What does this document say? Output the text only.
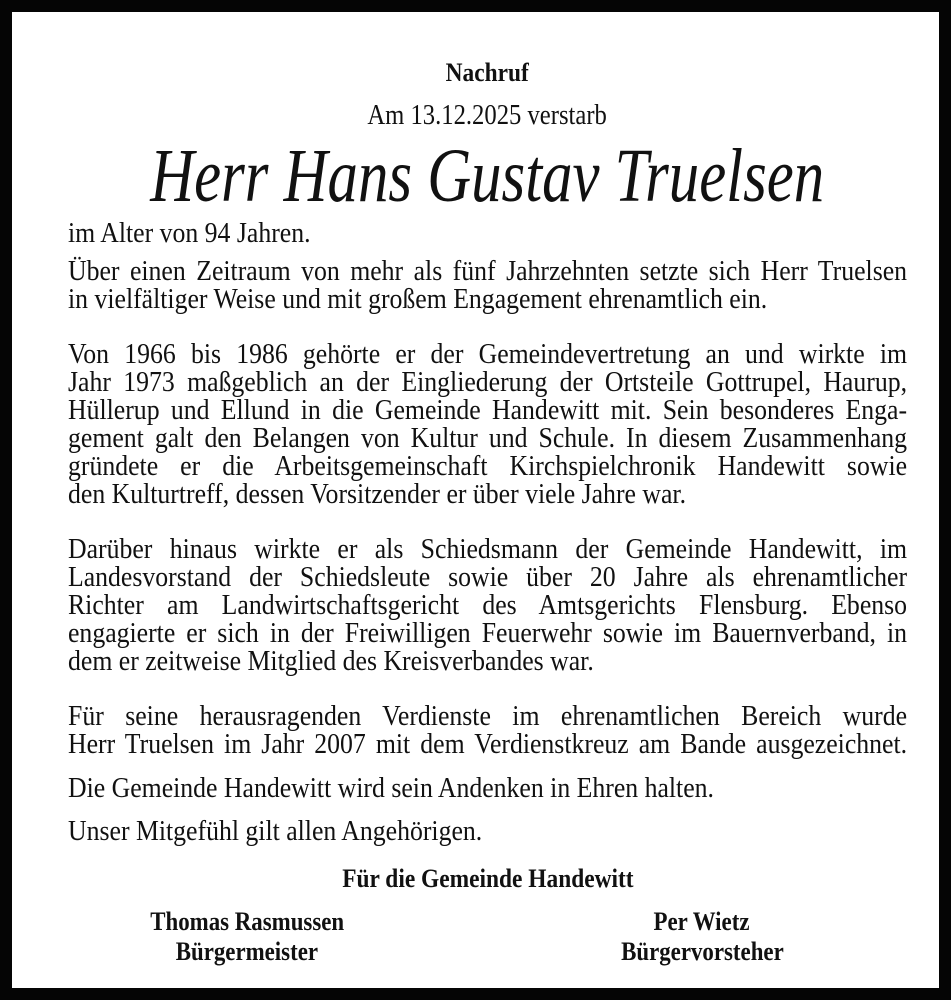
Nachruf
Am 13.12.2025 verstarb
Herr Hans Gustav Truelsen
im Alter von 94 Jahren.
Über einen Zeitraum von mehr als fünf Jahrzehnten setzte sich Herr Truelsen
in vielfältiger Weise und mit großem Engagement ehrenamtlich ein.
Von 1966 bis 1986 gehörte er der Gemeindevertretung an und wirkte im
Jahr 1973 maßgeblich an der Eingliederung der Ortsteile Gottrupel, Haurup,
Hüllerup und Ellund in die Gemeinde Handewitt mit. Sein besonderes Enga-
gement galt den Belangen von Kultur und Schule. In diesem Zusammenhang
gründete er die Arbeitsgemeinschaft Kirchspielchronik Handewitt sowie
den Kulturtreff, dessen Vorsitzender er über viele Jahre war.
Darüber hinaus wirkte er als Schiedsmann der Gemeinde Handewitt, im
Landesvorstand der Schiedsleute sowie über 20 Jahre als ehrenamtlicher
Richter am Landwirtschaftsgericht des Amtsgerichts Flensburg. Ebenso
engagierte er sich in der Freiwilligen Feuerwehr sowie im Bauernverband, in
dem er zeitweise Mitglied des Kreisverbandes war.
Für seine herausragenden Verdienste im ehrenamtlichen Bereich wurde
Herr Truelsen im Jahr 2007 mit dem Verdienstkreuz am Bande ausgezeichnet.
Die Gemeinde Handewitt wird sein Andenken in Ehren halten.
Unser Mitgefühl gilt allen Angehörigen.
Für die Gemeinde Handewitt
Thomas Rasmussen
Bürgermeister
Per Wietz
Bürgervorsteher
